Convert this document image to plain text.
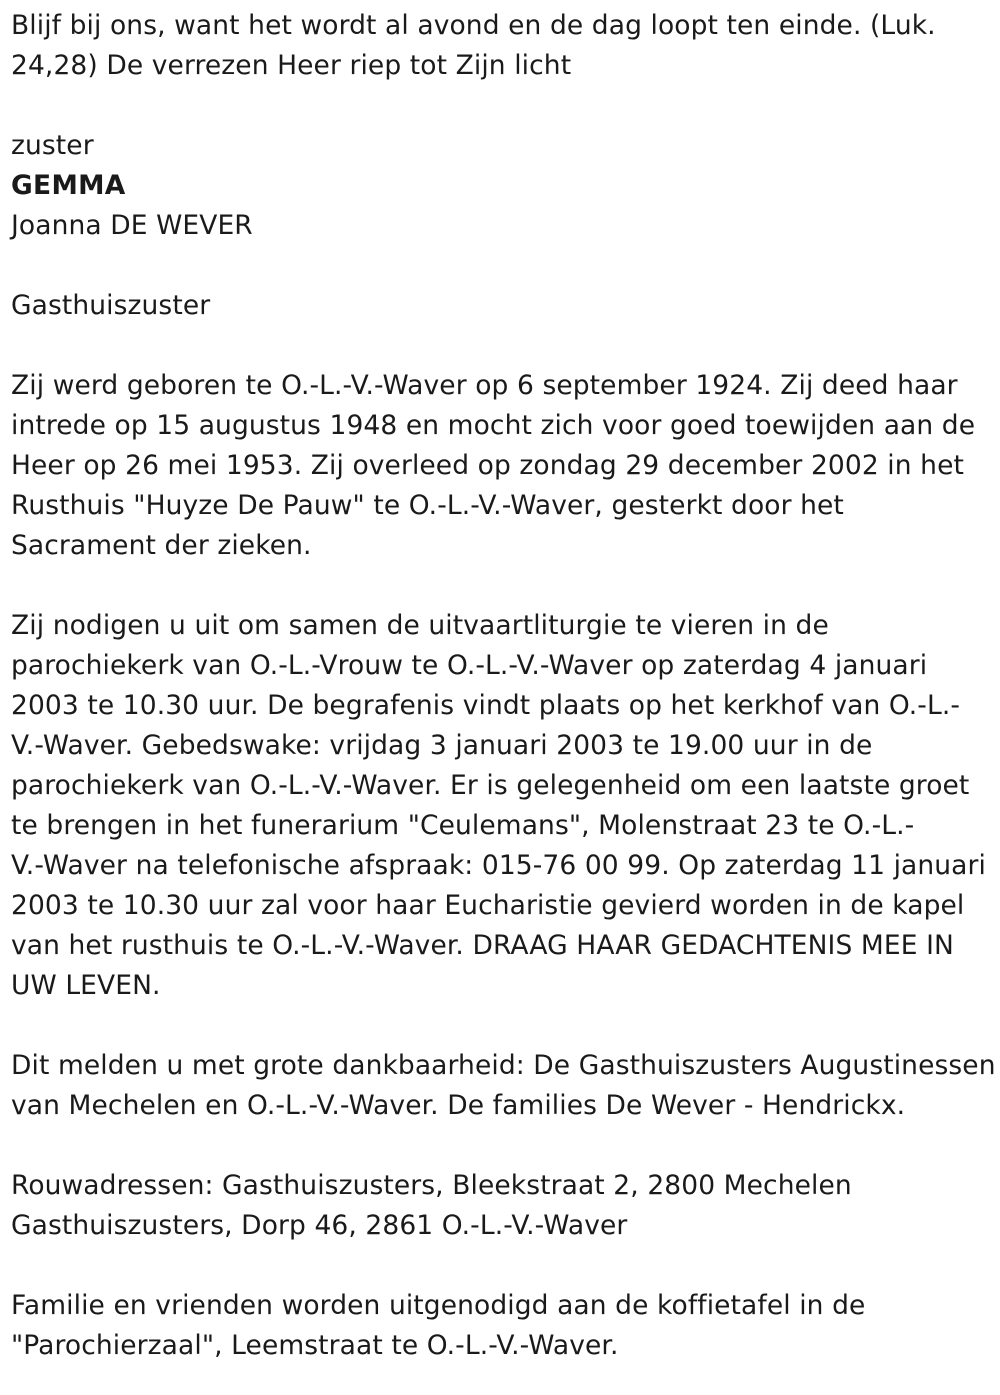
Blijf bij ons, want het wordt al avond en de dag loopt ten einde. (Luk.
24,28) De verrezen Heer riep tot Zijn licht

zuster

GEMMA

Joanna DE WEVER

Gasthuiszuster

Zij werd geboren te O.-L.-V.-Waver op 6 september 1924. Zij deed haar
intrede op 15 augustus 1948 en mocht zich voor goed toewijden aan de
Heer op 26 mei 1953. Zij overleed op zondag 29 december 2002 in het
Rusthuis "Huyze De Pauw" te O.-L.-V.-Waver, gesterkt door het
Sacrament der zieken.

Zij nodigen u uit om samen de uitvaartliturgie te vieren in de
parochiekerk van O.-L.-Vrouw te O.-L.-V.-Waver op zaterdag 4 januari
2003 te 10.30 uur. De begrafenis vindt plaats op het kerkhof van O.-L.-
V.-Waver. Gebedswake: vrijdag 3 januari 2003 te 19.00 uur in de
parochiekerk van O.-L.-V.-Waver. Er is gelegenheid om een laatste groet
te brengen in het funerarium "Ceulemans", Molenstraat 23 te O.-L.-
V.-Waver na telefonische afspraak: 015-76 00 99. Op zaterdag 11 januari
2003 te 10.30 uur zal voor haar Eucharistie gevierd worden in de kapel
van het rusthuis te O.-L.-V.-Waver. DRAAG HAAR GEDACHTENIS MEE IN
UW LEVEN.

Dit melden u met grote dankbaarheid: De Gasthuiszusters Augustinessen
van Mechelen en O.-L.-V.-Waver. De families De Wever - Hendrickx.

Rouwadressen: Gasthuiszusters, Bleekstraat 2, 2800 Mechelen
Gasthuiszusters, Dorp 46, 2861 O.-L.-V.-Waver

Familie en vrienden worden uitgenodigd aan de koffietafel in de
"Parochierzaal", Leemstraat te O.-L.-V.-Waver.
